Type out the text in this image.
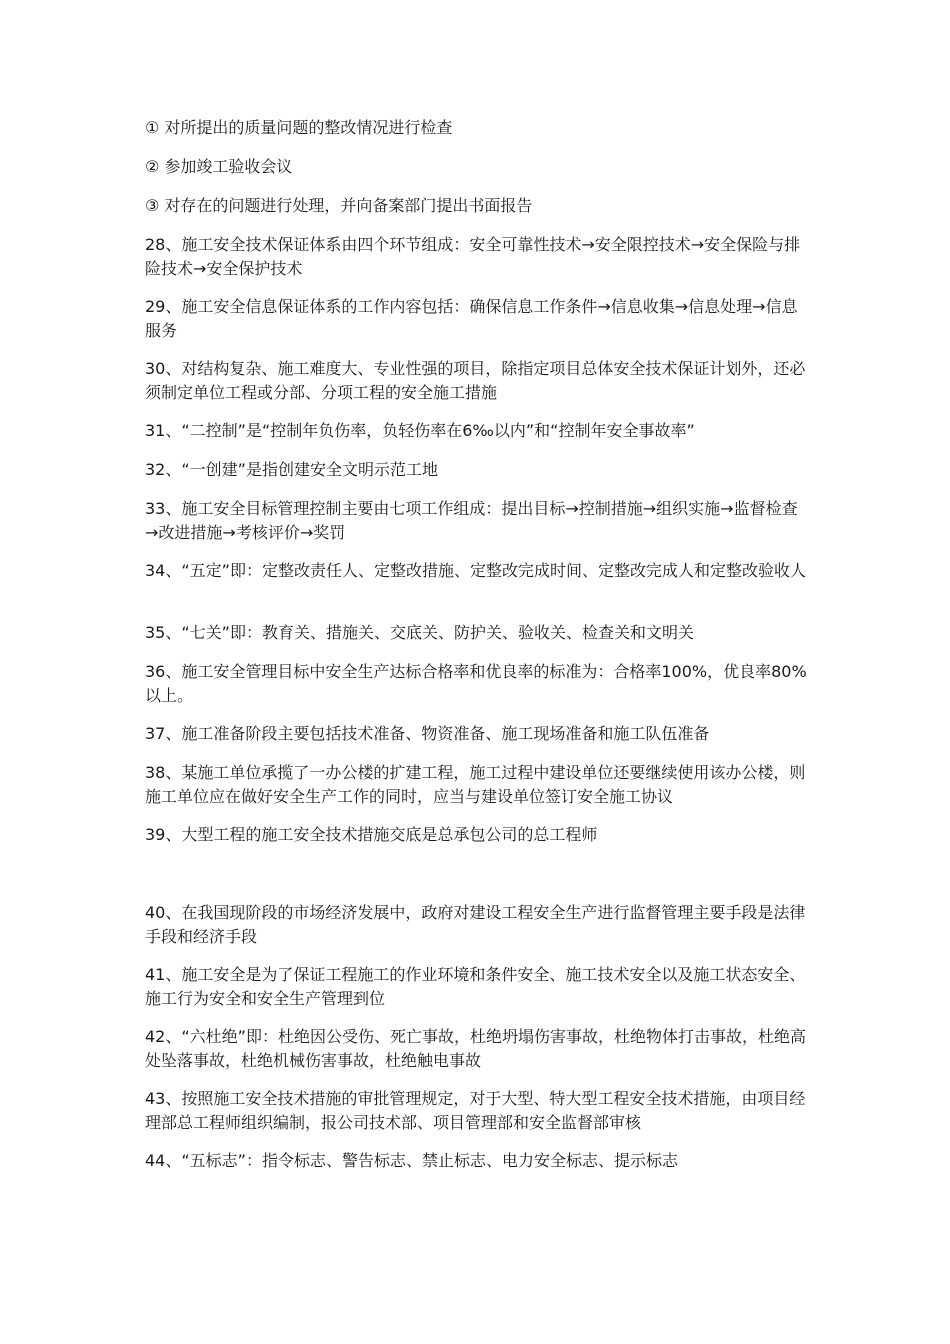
① 对所提出的质量问题的整改情况进行检查

② 参加竣工验收会议

③ 对存在的问题进行处理，并向备案部门提出书面报告

28、施工安全技术保证体系由四个环节组成：安全可靠性技术→安全限控技术→安全保险与排险技术→安全保护技术

29、施工安全信息保证体系的工作内容包括：确保信息工作条件→信息收集→信息处理→信息服务

30、对结构复杂、施工难度大、专业性强的项目，除指定项目总体安全技术保证计划外，还必须制定单位工程或分部、分项工程的安全施工措施

31、“二控制”是“控制年负伤率，负轻伤率在6‰以内”和“控制年安全事故率”

32、“一创建”是指创建安全文明示范工地

33、施工安全目标管理控制主要由七项工作组成：提出目标→控制措施→组织实施→监督检查→改进措施→考核评价→奖罚

34、“五定”即：定整改责任人、定整改措施、定整改完成时间、定整改完成人和定整改验收人

35、“七关”即：教育关、措施关、交底关、防护关、验收关、检查关和文明关

36、施工安全管理目标中安全生产达标合格率和优良率的标准为：合格率100%，优良率80%以上。

37、施工准备阶段主要包括技术准备、物资准备、施工现场准备和施工队伍准备

38、某施工单位承揽了一办公楼的扩建工程，施工过程中建设单位还要继续使用该办公楼，则施工单位应在做好安全生产工作的同时，应当与建设单位签订安全施工协议

39、大型工程的施工安全技术措施交底是总承包公司的总工程师

40、在我国现阶段的市场经济发展中，政府对建设工程安全生产进行监督管理主要手段是法律手段和经济手段

41、施工安全是为了保证工程施工的作业环境和条件安全、施工技术安全以及施工状态安全、施工行为安全和安全生产管理到位

42、“六杜绝”即：杜绝因公受伤、死亡事故，杜绝坍塌伤害事故，杜绝物体打击事故，杜绝高处坠落事故，杜绝机械伤害事故，杜绝触电事故

43、按照施工安全技术措施的审批管理规定，对于大型、特大型工程安全技术措施，由项目经理部总工程师组织编制，报公司技术部、项目管理部和安全监督部审核

44、“五标志”：指令标志、警告标志、禁止标志、电力安全标志、提示标志
